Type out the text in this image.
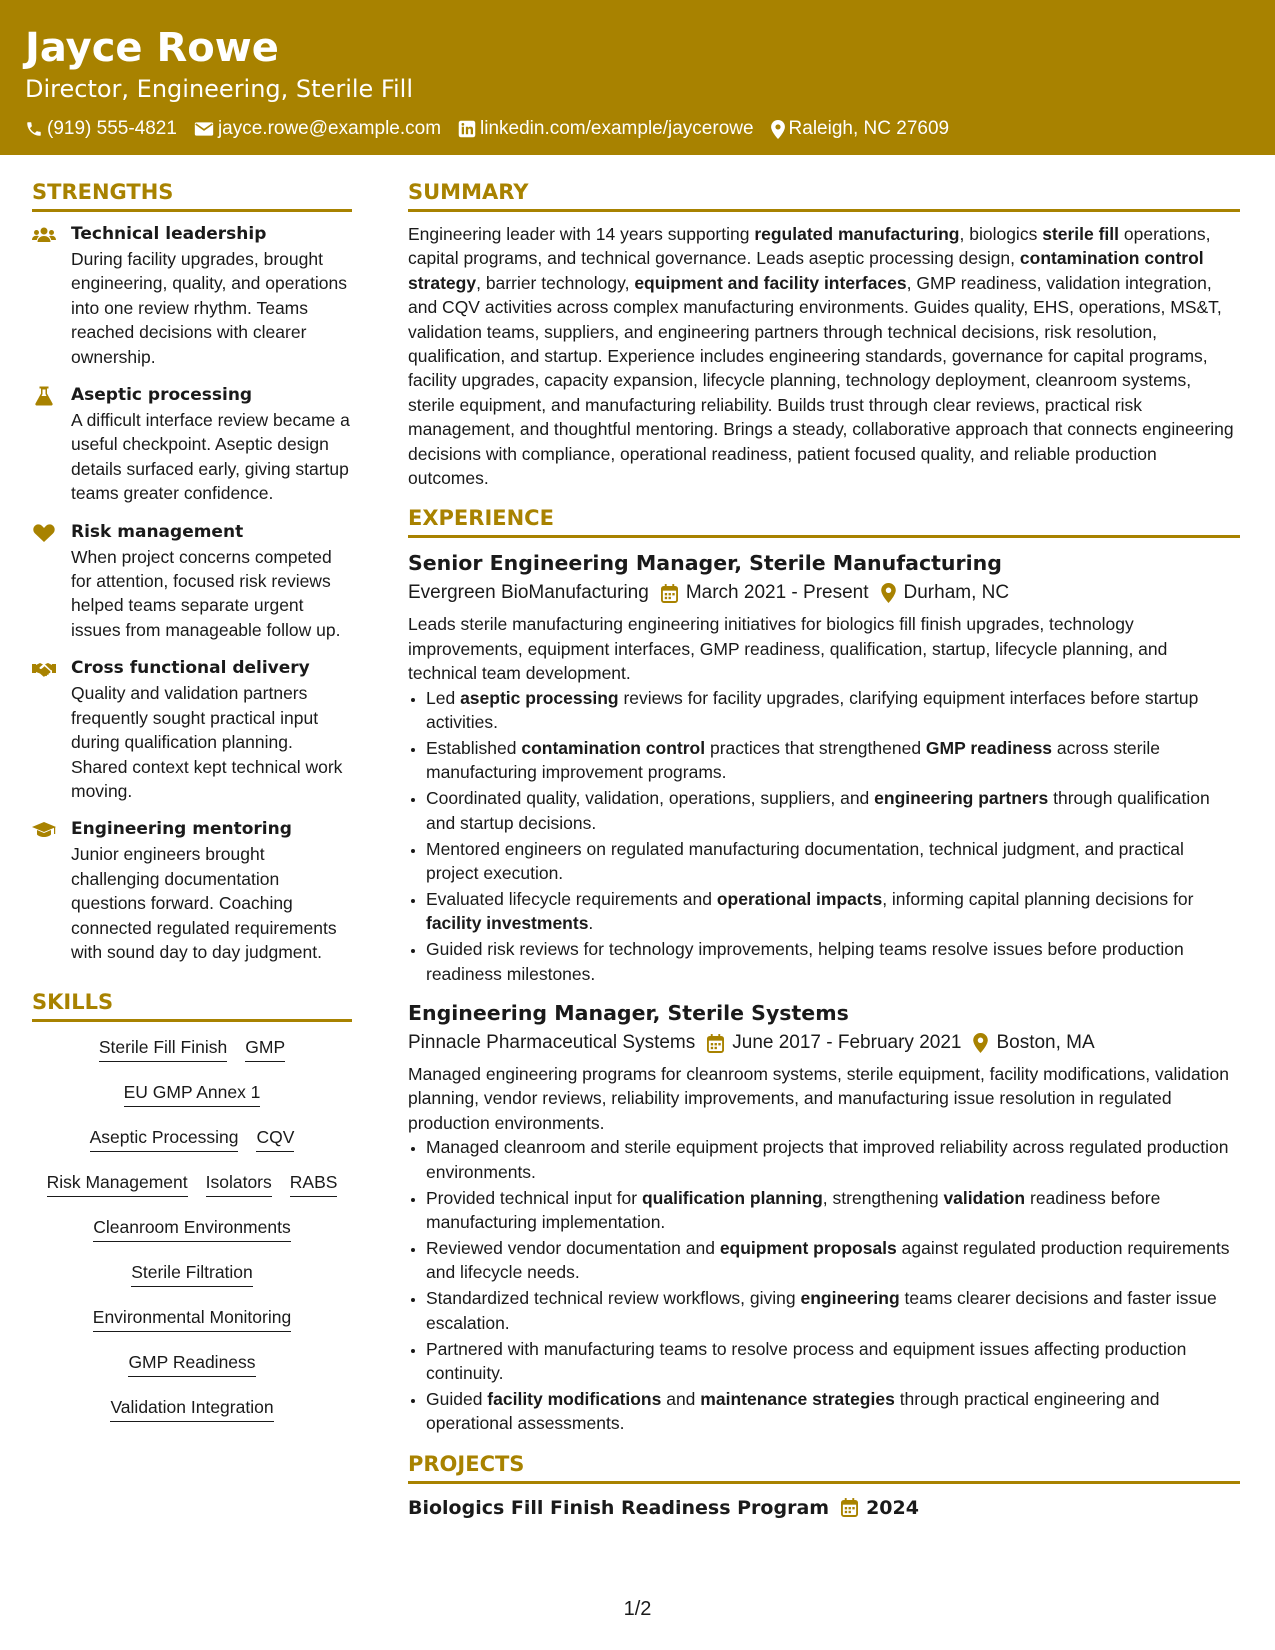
Jayce Rowe
Director, Engineering, Sterile Fill
(919) 555-4821 jayce.rowe@example.com linkedin.com/example/jaycerowe Raleigh, NC 27609
STRENGTHS
Technical leadership
During facility upgrades, brought engineering, quality, and operations into one review rhythm. Teams reached decisions with clearer ownership.
Aseptic processing
A difficult interface review became a useful checkpoint. Aseptic design details surfaced early, giving startup teams greater confidence.
Risk management
When project concerns competed for attention, focused risk reviews helped teams separate urgent issues from manageable follow up.
Cross functional delivery
Quality and validation partners frequently sought practical input during qualification planning. Shared context kept technical work moving.
Engineering mentoring
Junior engineers brought challenging documentation questions forward. Coaching connected regulated requirements with sound day to day judgment.
SKILLS
Sterile Fill Finish GMP
EU GMP Annex 1
Aseptic Processing CQV
Risk Management Isolators RABS
Cleanroom Environments
Sterile Filtration
Environmental Monitoring
GMP Readiness
Validation Integration
SUMMARY
Engineering leader with 14 years supporting regulated manufacturing, biologics sterile fill operations, capital programs, and technical governance. Leads aseptic processing design, contamination control strategy, barrier technology, equipment and facility interfaces, GMP readiness, validation integration, and CQV activities across complex manufacturing environments. Guides quality, EHS, operations, MS&T, validation teams, suppliers, and engineering partners through technical decisions, risk resolution, qualification, and startup. Experience includes engineering standards, governance for capital programs, facility upgrades, capacity expansion, lifecycle planning, technology deployment, cleanroom systems, sterile equipment, and manufacturing reliability. Builds trust through clear reviews, practical risk management, and thoughtful mentoring. Brings a steady, collaborative approach that connects engineering decisions with compliance, operational readiness, patient focused quality, and reliable production outcomes.
EXPERIENCE
Senior Engineering Manager, Sterile Manufacturing
Evergreen BioManufacturing March 2021 - Present Durham, NC
Leads sterile manufacturing engineering initiatives for biologics fill finish upgrades, technology improvements, equipment interfaces, GMP readiness, qualification, startup, lifecycle planning, and technical team development.
• Led aseptic processing reviews for facility upgrades, clarifying equipment interfaces before startup activities.
• Established contamination control practices that strengthened GMP readiness across sterile manufacturing improvement programs.
• Coordinated quality, validation, operations, suppliers, and engineering partners through qualification and startup decisions.
• Mentored engineers on regulated manufacturing documentation, technical judgment, and practical project execution.
• Evaluated lifecycle requirements and operational impacts, informing capital planning decisions for facility investments.
• Guided risk reviews for technology improvements, helping teams resolve issues before production readiness milestones.
Engineering Manager, Sterile Systems
Pinnacle Pharmaceutical Systems June 2017 - February 2021 Boston, MA
Managed engineering programs for cleanroom systems, sterile equipment, facility modifications, validation planning, vendor reviews, reliability improvements, and manufacturing issue resolution in regulated production environments.
• Managed cleanroom and sterile equipment projects that improved reliability across regulated production environments.
• Provided technical input for qualification planning, strengthening validation readiness before manufacturing implementation.
• Reviewed vendor documentation and equipment proposals against regulated production requirements and lifecycle needs.
• Standardized technical review workflows, giving engineering teams clearer decisions and faster issue escalation.
• Partnered with manufacturing teams to resolve process and equipment issues affecting production continuity.
• Guided facility modifications and maintenance strategies through practical engineering and operational assessments.
PROJECTS
Biologics Fill Finish Readiness Program 2024
1/2
